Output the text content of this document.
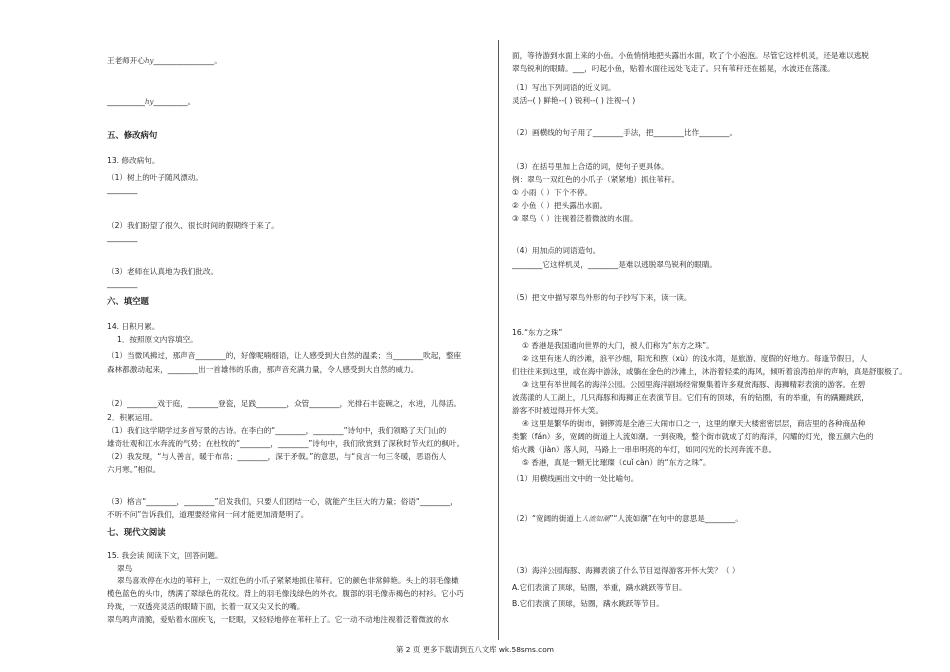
王老师开心hy________________。
__________hy_________。
五、修改病句
13. 修改病句。
（1）树上的叶子随风漂动。
________
（2）我们盼望了很久、很长时间的假期终于来了。
________
（3）老师在认真地为我们批改。
________
六、填空题
14. 日积月累。
1．按照原文内容填空。
（1）当微风拂过，那声音________的，好像呢喃细语，让人感受到大自然的温柔；当________吹起，整座
森林都激动起来，________出一首雄伟的乐曲，那声音充满力量，令人感受到大自然的威力。
（2）________戏于庭，________登瓷，足践________，众管________，光排石丰瓷碗之，水迸，儿得活。
2．积累运用。
（1）我们这学期学过多首写景的古诗。在李白的“________，________”诗句中，我们领略了天门山的
雄奇壮观和江水奔流的气势；在杜牧的“________，________”诗句中，我们欣赏到了深秋时节火红的枫叶。
（2）我发现，“与人善言，暖于布帛；________，深于矛戟。”的意思，与“良言一句三冬暖，恶语伤人
六月寒。”相似。
（3）格言“________，________”启发我们，只要人们团结一心，就能产生巨大的力量；俗语“________，
不听不问”告诉我们，道理要经常问一问才能更加清楚明了。
七、现代文阅读
15. 我会读 阅读下文，回答问题。
翠鸟
翠鸟喜欢停在水边的苇秆上，一双红色的小爪子紧紧地抓住苇秆。它的颜色非常鲜艳。头上的羽毛像橄
榄色蓝色的头巾，绣满了翠绿色的花纹。背上的羽毛像浅绿色的外衣。腹部的羽毛像赤褐色的衬衫。它小巧
玲珑，一双透亮灵活的眼睛下面，长着一双又尖又长的嘴。
翠鸟鸣声清脆，爱贴着水面疾飞，一眨眼，又轻轻地停在苇秆上了。它一动不动地注视着泛着微波的水
面，等待游到水面上来的小鱼。小鱼悄悄地把头露出水面，吹了个小泡泡。尽管它这样机灵，还是难以逃脱
翠鸟锐利的眼睛。___，叼起小鱼，贴着水面往远处飞走了。只有苇秆还在摇晃，水波还在荡漾。
（1）写出下列词语的近义词。
灵活--( ) 鲜艳--( ) 锐利--( ) 注视--( )
（2）画横线的句子用了________手法，把________比作________。
（3）在括号里加上合适的词，使句子更具体。
例：翠鸟一双红色的小爪子（紧紧地）抓住苇秆。
① 小雨（ ）下个不停。
② 小鱼（ ）把头露出水面。
③ 翠鸟（ ）注视着泛着微波的水面。
（4）用加点的词语造句。
________它这样机灵，________是难以逃脱翠鸟锐利的眼睛。
（5）把文中描写翠鸟外形的句子抄写下来，读一读。
16.“东方之珠”
① 香港是我国通向世界的大门，被人们称为“东方之珠”。
② 这里有迷人的沙滩，浪平沙细，阳光和煦（xù）的浅水湾，是旅游、度假的好地方。每逢节假日，人
们往往来到这里，或在海中游泳，或躺在金色的沙滩上，沐浴着轻柔的海风，倾听着浪涛拍岸的声响，真是舒服极了。
③ 这里有举世闻名的海洋公园。公园里海洋剧场经常聚集着许多观赏海豚、海狮精彩表演的游客。在碧
波荡漾的人工湖上，几只海豚和海狮正在表演节目。它们有的顶球，有的钻圈，有的举重，有的蹒跚跳跃，
游客不时被逗得开怀大笑。
④ 这里是繁华的街市，铜锣湾是全港三大闹市口之一，这里的摩天大楼密密层层，商店里的各种商品种
类繁（fán）多，宽阔的街道上人流如潮。一到夜晚，整个街市就成了灯的海洋，闪耀的灯光，像五颜六色的
焰火溅（jiàn）落人间，马路上一串串明亮的车灯，如同闪光的长河奔流不息。
⑤ 香港，真是一颗无比璀璨（cuǐ càn）的“东方之珠”。
（1）用横线画出文中的一处比喻句。
（2）“宽阔的街道上人流如潮”“人流如潮”在句中的意思是________。
（3）海洋公园海豚、海狮表演了什么节目逗得游客开怀大笑？（ ）
A.它们表演了顶球，钻圈，举重，蹒水跳跃等节目。
B.它们表演了顶球，钻圈，蹒水跳跃等节目。
第 2 页 更多下载请到五八文库 wk.58sms.com
